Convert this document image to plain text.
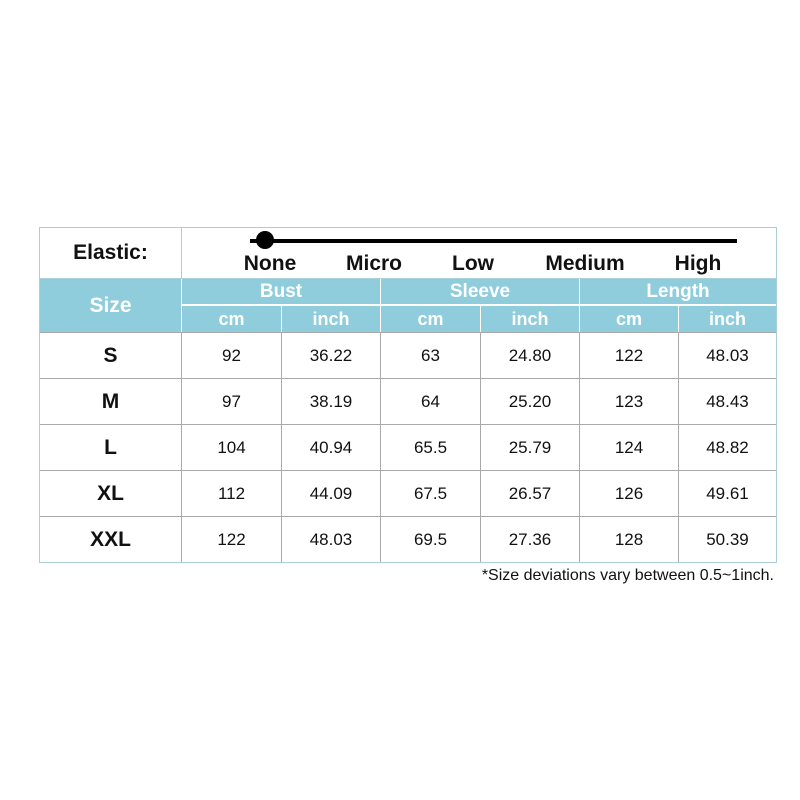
Elastic:	None Micro Low Medium High
Size
Bust	Sleeve	Length
cm	inch	cm	inch	cm	inch
S	92	36.22	63	24.80	122	48.03
M	97	38.19	64	25.20	123	48.43
L	104	40.94	65.5	25.79	124	48.82
XL	112	44.09	67.5	26.57	126	49.61
XXL	122	48.03	69.5	27.36	128	50.39
*Size deviations vary between 0.5~1inch.
